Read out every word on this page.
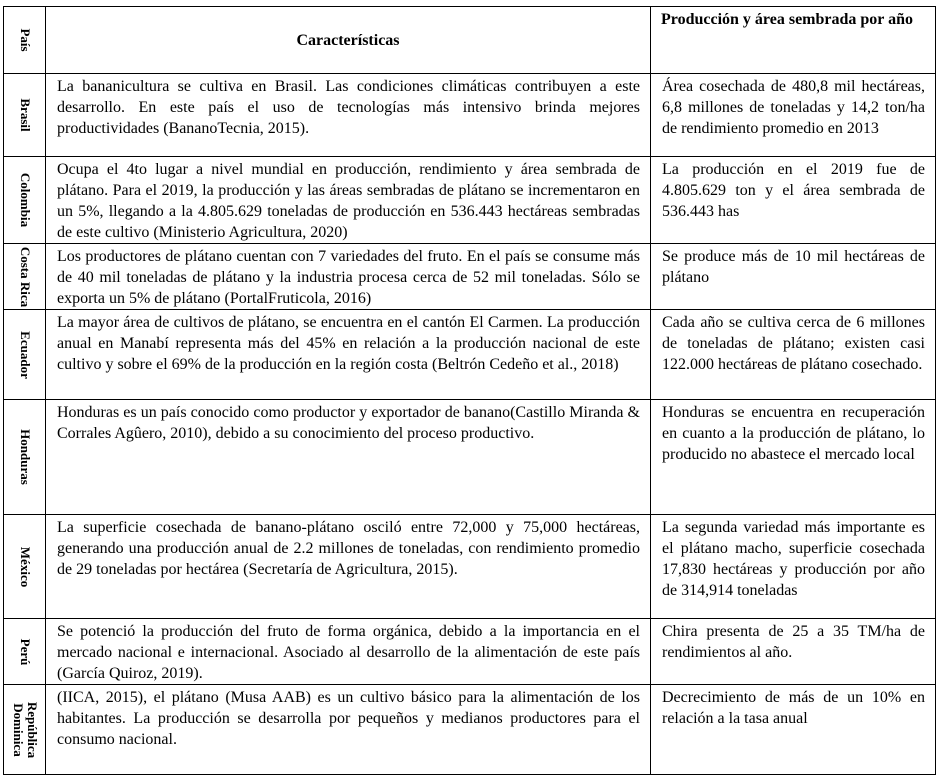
País	Características	Producción y área sembrada por año

Brasil	La bananicultura se cultiva en Brasil. Las condiciones climáticas contribuyen a este desarrollo. En este país el uso de tecnologías más intensivo brinda mejores productividades (BananoTecnia, 2015).	Área cosechada de 480,8 mil hectáreas, 6,8 millones de toneladas y 14,2 ton/ha de rendimiento promedio en 2013

Colombia	Ocupa el 4to lugar a nivel mundial en producción, rendimiento y área sembrada de plátano. Para el 2019, la producción y las áreas sembradas de plátano se incrementaron en un 5%, llegando a la 4.805.629 toneladas de producción en 536.443 hectáreas sembradas de este cultivo (Ministerio Agricultura, 2020)	La producción en el 2019 fue de 4.805.629 ton y el área sembrada de 536.443 has

Costa Rica	Los productores de plátano cuentan con 7 variedades del fruto. En el país se consume más de 40 mil toneladas de plátano y la industria procesa cerca de 52 mil toneladas. Sólo se exporta un 5% de plátano (PortalFruticola, 2016)	Se produce más de 10 mil hectáreas de plátano

Ecuador	La mayor área de cultivos de plátano, se encuentra en el cantón El Carmen. La producción anual en Manabí representa más del 45% en relación a la producción nacional de este cultivo y sobre el 69% de la producción en la región costa (Beltrón Cedeño et al., 2018)	Cada año se cultiva cerca de 6 millones de toneladas de plátano; existen casi 122.000 hectáreas de plátano cosechado.

Honduras	Honduras es un país conocido como productor y exportador de banano(Castillo Miranda & Corrales Agûero, 2010), debido a su conocimiento del proceso productivo.	Honduras se encuentra en recuperación en cuanto a la producción de plátano, lo producido no abastece el mercado local

México	La superficie cosechada de banano-plátano osciló entre 72,000 y 75,000 hectáreas, generando una producción anual de 2.2 millones de toneladas, con rendimiento promedio de 29 toneladas por hectárea (Secretaría de Agricultura, 2015).	La segunda variedad más importante es el plátano macho, superficie cosechada 17,830 hectáreas y producción por año de 314,914 toneladas

Perú	Se potenció la producción del fruto de forma orgánica, debido a la importancia en el mercado nacional e internacional. Asociado al desarrollo de la alimentación de este país (García Quiroz, 2019).	Chira presenta de 25 a 35 TM/ha de rendimientos al año.

República Dominica	(IICA, 2015), el plátano (Musa AAB) es un cultivo básico para la alimentación de los habitantes. La producción se desarrolla por pequeños y medianos productores para el consumo nacional.	Decrecimiento de más de un 10% en relación a la tasa anual
